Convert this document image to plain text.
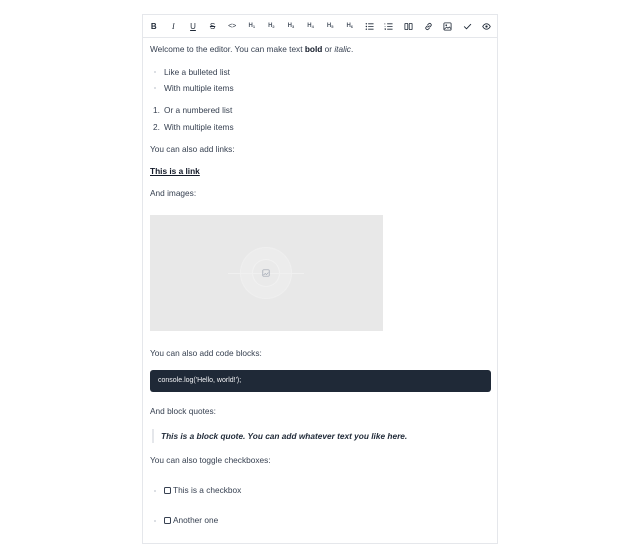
B I U S <> H 1 H 2 H 3 H 4 H 5 H 6

Welcome to the editor. You can make text bold or italic.

Like a bulleted list
With multiple items
1. Or a numbered list
2. With multiple items

You can also add links:

This is a link

And images:

You can also add code blocks:

console.log('Hello, world!');

And block quotes:

This is a block quote. You can add whatever text you like here.

You can also toggle checkboxes:

This is a checkbox
Another one
